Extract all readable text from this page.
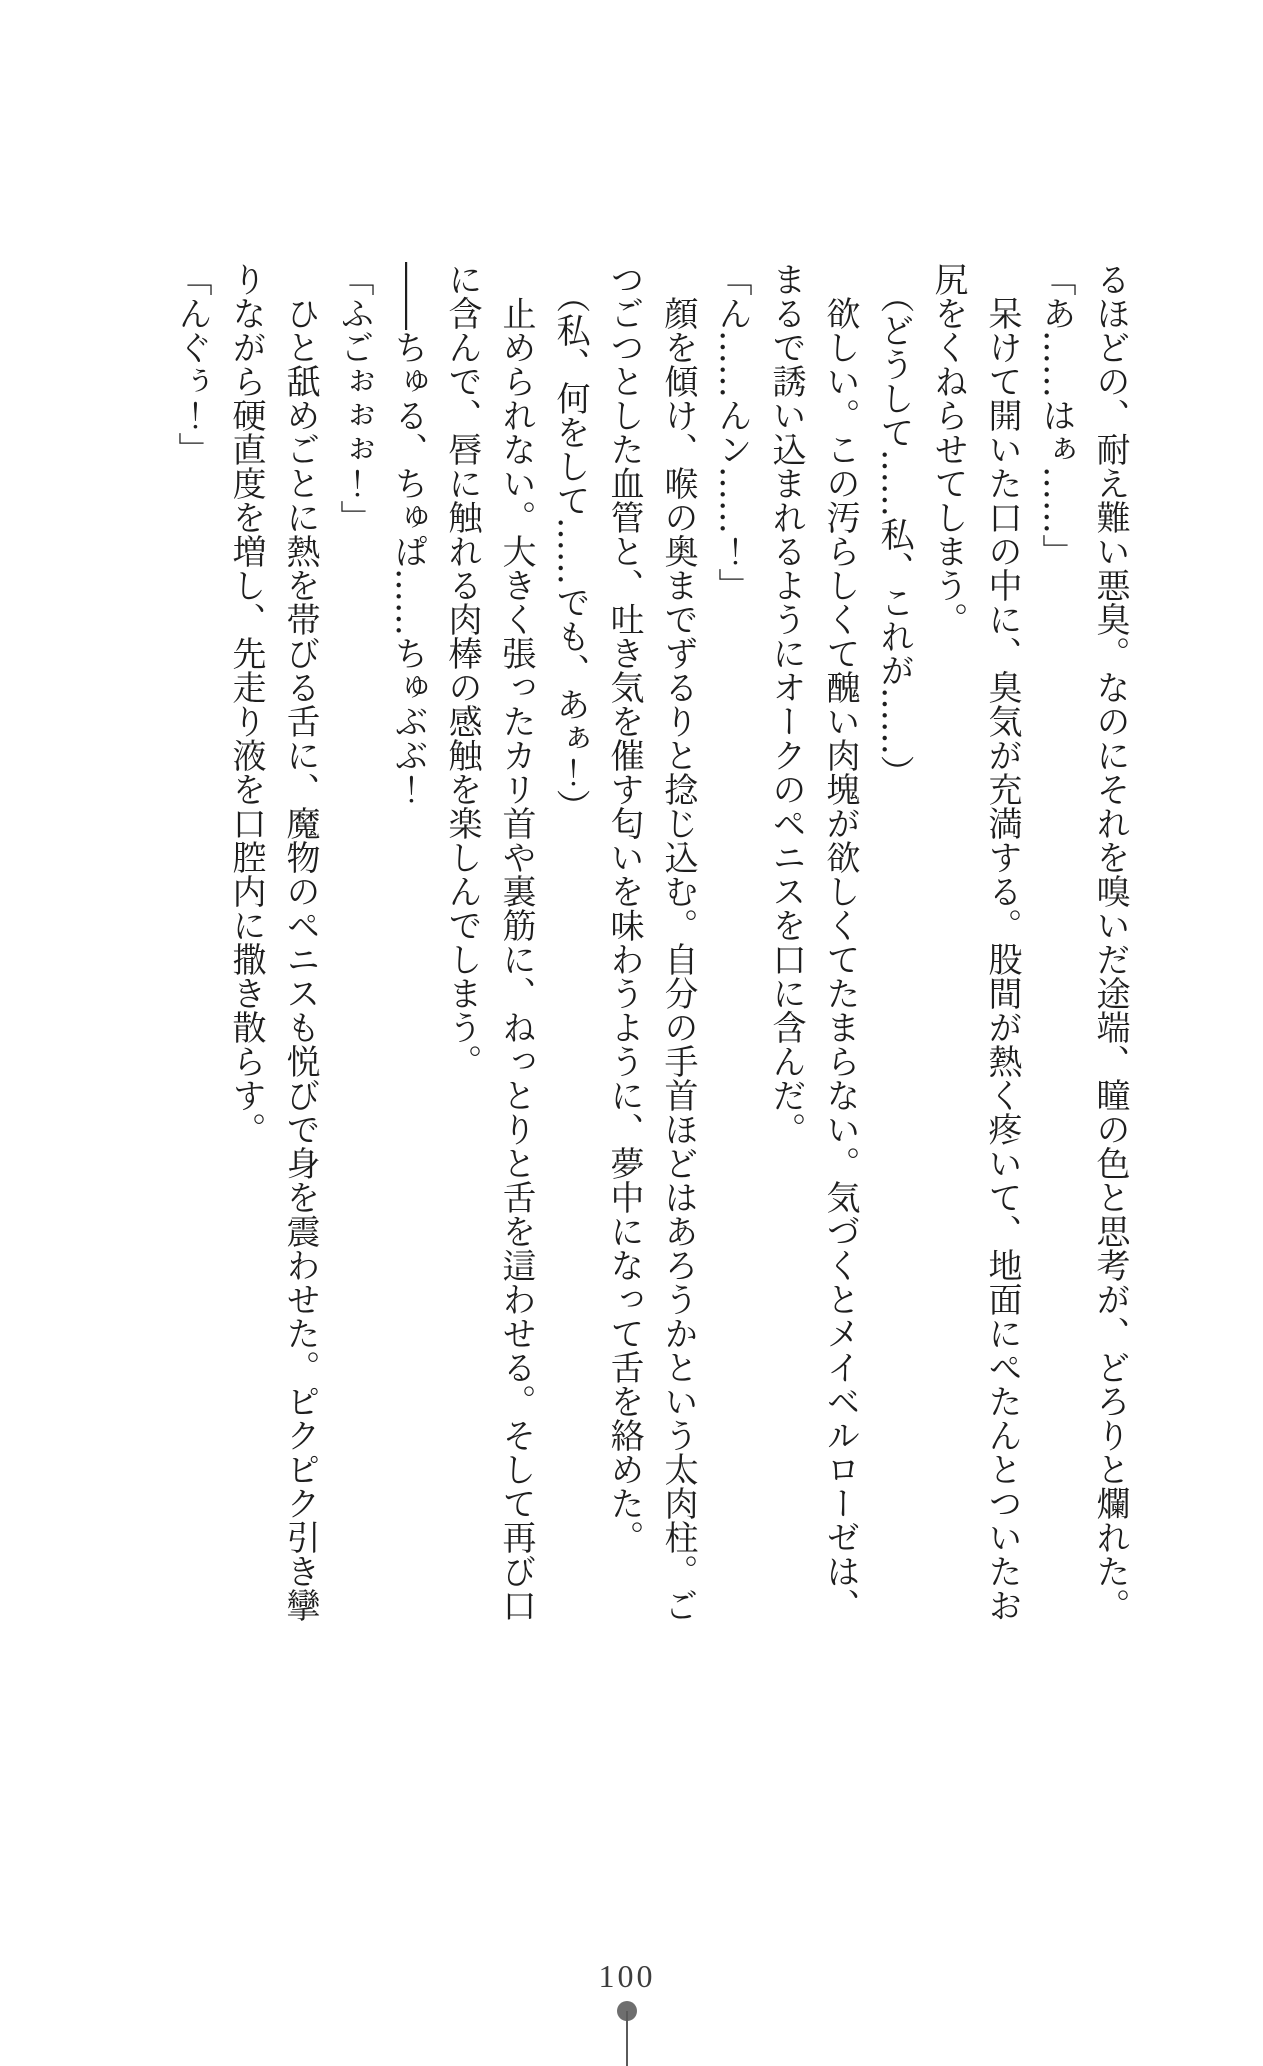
るほどの、耐え難い悪臭。なのにそれを嗅いだ途端、瞳の色と思考が、どろりと爛れた。

「あ……はぁ……」

　呆けて開いた口の中に、臭気が充満する。股間が熱く疼いて、地面にぺたんとついたお

尻をくねらせてしまう。

　（どうして……私、これが……）

　欲しい。この汚らしくて醜い肉塊が欲しくてたまらない。気づくとメイベルローゼは、

まるで誘い込まれるようにオークのペニスを口に含んだ。

「ん……んン……！」

　顔を傾け、喉の奥までずるりと捻じ込む。自分の手首ほどはあろうかという太肉柱。ご

つごつとした血管と、吐き気を催す匂いを味わうように、夢中になって舌を絡めた。

　（私、何をして……でも、あぁ！）

　止められない。大きく張ったカリ首や裏筋に、ねっとりと舌を這わせる。そして再び口

に含んで、唇に触れる肉棒の感触を楽しんでしまう。

――ちゅる、ちゅぱ……ちゅぶぶ！

「ふごぉぉぉ！」

　ひと舐めごとに熱を帯びる舌に、魔物のペニスも悦びで身を震わせた。ピクピク引き攣

りながら硬直度を増し、先走り液を口腔内に撒き散らす。

「んぐぅ！」

100
